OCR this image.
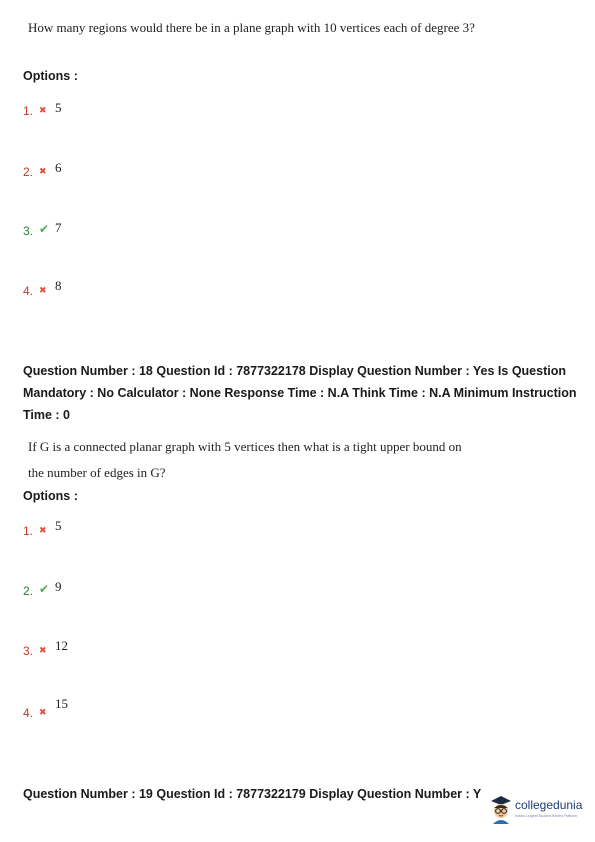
How many regions would there be in a plane graph with 10 vertices each of degree 3?
Options :
1. ✖ 5
2. ✖ 6
3. ✔ 7
4. ✖ 8
Question Number : 18 Question Id : 7877322178 Display Question Number : Yes Is Question
Mandatory : No Calculator : None Response Time : N.A Think Time : N.A Minimum Instruction
Time : 0
If G is a connected planar graph with 5 vertices then what is a tight upper bound on
the number of edges in G?
Options :
1. ✖ 5
2. ✔ 9
3. ✖ 12
4. ✖
15
Question Number : 19 Question Id : 7877322179 Display Question Number : Y
collegedunia
India's Largest Student Review Platform
